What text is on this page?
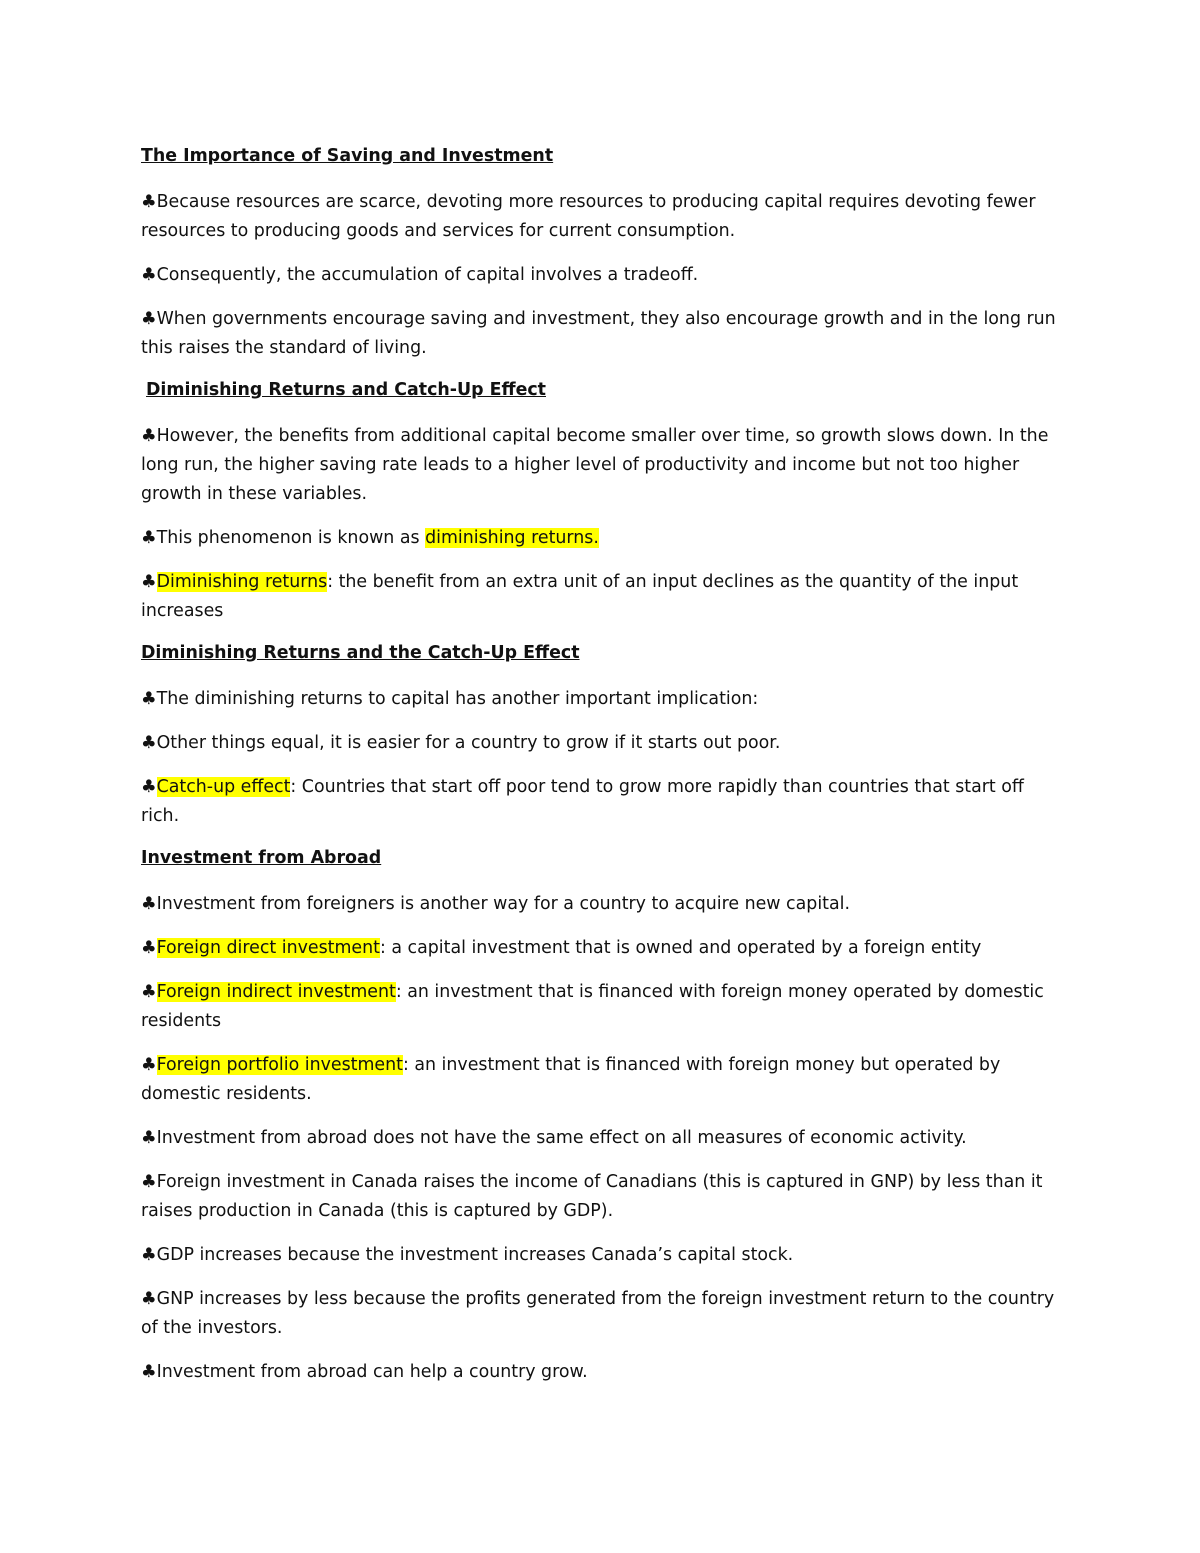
The Importance of Saving and Investment
♣Because resources are scarce, devoting more resources to producing capital requires devoting fewer resources to producing goods and services for current consumption.
♣Consequently, the accumulation of capital involves a tradeoff.
♣When governments encourage saving and investment, they also encourage growth and in the long run this raises the standard of living.
Diminishing Returns and Catch-Up Effect
♣However, the benefits from additional capital become smaller over time, so growth slows down. In the long run, the higher saving rate leads to a higher level of productivity and income but not too higher growth in these variables.
♣This phenomenon is known as diminishing returns.
♣Diminishing returns: the benefit from an extra unit of an input declines as the quantity of the input increases
Diminishing Returns and the Catch-Up Effect
♣The diminishing returns to capital has another important implication:
♣Other things equal, it is easier for a country to grow if it starts out poor.
♣Catch-up effect: Countries that start off poor tend to grow more rapidly than countries that start off rich.
Investment from Abroad
♣Investment from foreigners is another way for a country to acquire new capital.
♣Foreign direct investment: a capital investment that is owned and operated by a foreign entity
♣Foreign indirect investment: an investment that is financed with foreign money operated by domestic residents
♣Foreign portfolio investment: an investment that is financed with foreign money but operated by domestic residents.
♣Investment from abroad does not have the same effect on all measures of economic activity.
♣Foreign investment in Canada raises the income of Canadians (this is captured in GNP) by less than it raises production in Canada (this is captured by GDP).
♣GDP increases because the investment increases Canada’s capital stock.
♣GNP increases by less because the profits generated from the foreign investment return to the country of the investors.
♣Investment from abroad can help a country grow.
